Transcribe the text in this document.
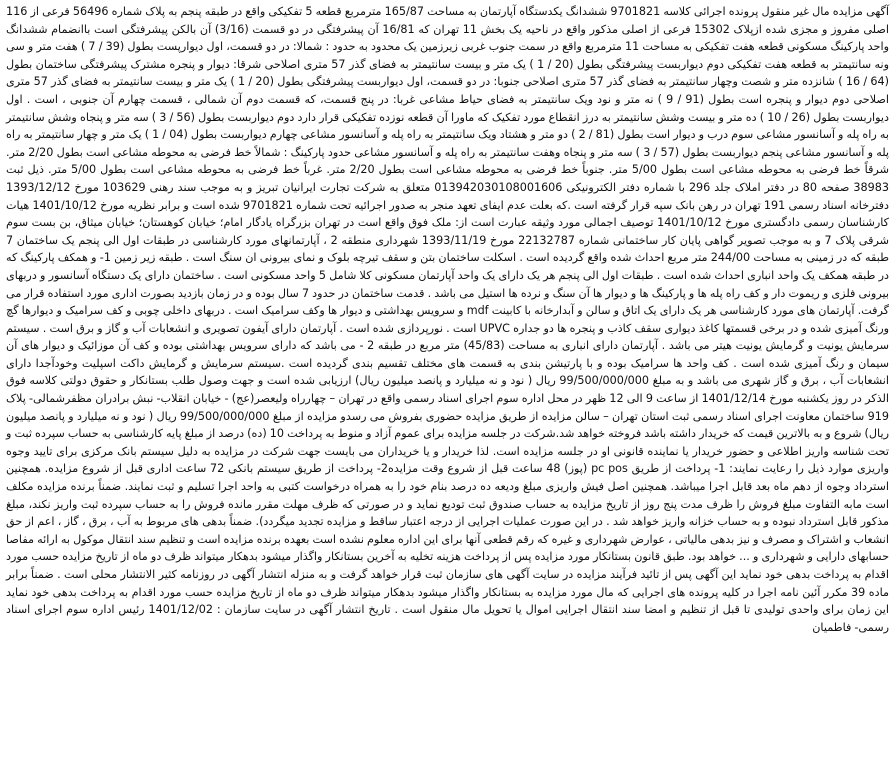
آگهی مزایده مال غیر منقول پرونده اجرائی کلاسه 9701821 ششدانگ یکدستگاه آپارتمان به مساحت 165/87 مترمربع قطعه 5 تفکیکی واقع در طبقه پنجم به پلاک شماره 56496 فرعی از 116 اصلی مفروز و مجزی شده ازپلاک 15302 فرعی از اصلی مذکور واقع در ناحیه یک بخش 11 تهران که 16/81 آن پیشرفتگی در دو قسمت (3/16) آن بالکن پیشرفتگی است باانضمام ششدانگ واحد پارکینگ مسکونی قطعه هفت تفکیکی به مساحت 11 مترمربع واقع در سمت جنوب غربی زیرزمین یک محدود به حدود : شمالا: در دو قسمت، اول دیوارپست بطول (39 / 7 ) هفت متر و سی ونه سانتیمتر به قطعه هفت تفکیکی دوم دیواربست پیشرفتگی بطول (20 / 1 ) یک متر و بیست سانتیمتر به فضای گذر 57 متری اصلاحی شرقا: دیوار و پنجره مشترک پیشرفتگی ساختمان بطول (64 / 16 ) شانزده متر و شصت وچهار سانتیمتر به فضای گذر 57 متری اصلاحی جنوبا: در دو قسمت، اول دیواربست پیشرفتگی بطول (20 / 1 ) یک متر و بیست سانتیمتر به فضای گذر 57 متری اصلاحی دوم دیوار و پنجره است بطول (91 / 9 ) نه متر و نود ویک سانتیمتر به فضای حیاط مشاعی غربا: در پنج قسمت، که قسمت دوم آن شمالی ، قسمت چهارم آن جنوبی ، است . اول دیواربست بطول (26 / 10 ) ده متر و بیست وشش سانتیمتر به درز انقطاع مورد تفکیک که ماورا آن قطعه نوزده تفکیکی قرار دارد دوم دیواربست بطول (56 / 3 ) سه متر و پنجاه وشش سانتیمتر به راه پله و آسانسور مشاعی سوم درب و دیوار است بطول (81 / 2 ) دو متر و هشتاد ویک سانتیمتر به راه پله و آسانسور مشاعی چهارم دیواربست بطول (04 / 1 ) یک متر و چهار سانتیمتر به راه پله و آسانسور مشاعی پنجم دیواربست بطول (57 / 3 ) سه متر و پنجاه وهفت سانتیمتر به راه پله و آسانسور مشاعی حدود پارکینگ : شمالاً خط فرضی به محوطه مشاعی است بطول 2/20 متر. شرقاً خط فرضی به محوطه مشاعی است بطول 5/00 متر. جنوباً خط فرضی به محوطه مشاعی است بطول 2/20 متر. غرباً خط فرضی به محوطه مشاعی است بطول 5/00 متر. ذیل ثبت 38983 صفحه 80 در دفتر املاک جلد 296 با شماره دفتر الکترونیکی 013942030108001606 متعلق به شرکت تجارت ایرانیان تبریز و به موجب سند رهنی 103629 مورخ 1393/12/12 دفترخانه اسناد رسمی 191 تهران در رهن بانک سپه قرار گرفته است .که بعلت عدم ایفای تعهد منجر به صدور اجرائیه تحت شماره 9701821 شده است و برابر نظریه مورخ 1401/10/12 هیات کارشناسان رسمی دادگستری مورخ 1401/10/12 توصیف اجمالی مورد وثیقه عبارت است از: ملک فوق واقع است در تهران بزرگراه یادگار امام؛ خیابان کوهستان؛ خیابان میثاق، بن بست سوم شرقی پلاک 7 و به موجب تصویر گواهی پایان کار ساختمانی شماره 22132787 مورخ 1393/11/19 شهرداری منطقه 2 ، آپارتمانهای مورد کارشناسی در طبقات اول الی پنجم یک ساختمان 7 طبقه که در زمینی به مساحت 244/00 متر مربع احداث شده واقع گردیده است . اسکلت ساختمان بتن و سقف تیرچه بلوک و نمای بیرونی ان سنگ است . طبقه زیر زمین 1- و همکف پارکینگ که در طبقه همکف یک واحد انباری احداث شده است . طبقات اول الی پنجم هر یک دارای یک واحد آپارتمان مسکونی کلا شامل 5 واحد مسکونی است . ساختمان دارای یک دستگاه آسانسور و دربهای بیرونی فلزی و ریموت دار و کف راه پله ها و پارکینگ ها و دیوار ها آن سنگ و نرده ها استیل می باشد . قدمت ساختمان در حدود 7 سال بوده و در زمان بازدید بصورت اداری مورد استفاده قرار می گرفت. آپارتمان های مورد کارشناسی هر یک دارای یک اتاق و سالن و آبدارخانه با کابینت mdf و سرویس بهداشتی و دیوار ها وکف سرامیک است . دربهای داخلی چوبی و کف سرامیک و دیوارها گچ ورنگ آمیزی شده و در برخی قسمتها کاغذ دیواری سقف کاذب و پنجره ها دو جداره UPVC است . نورپردازی شده است . آپارتمان دارای آیفون تصویری و انشعابات آب و گاز و برق است . سیستم سرمایش یونیت و گرمایش یونیت هیتر می باشد . آپارتمان دارای انباری به مساحت (45/83) متر مربع در طبقه 2 - می باشد که دارای سرویس بهداشتی بوده و کف آن موزائیک و دیوار های آن سیمان و رنگ آمیزی شده است . کف واحد ها سرامیک بوده و با پارتیشن بندی به قسمت های مختلف تقسیم بندی گردیده است .سیستم سرمایش و گرمایش داکت اسپلیت وخودآجدا دارای انشعابات آب ، برق و گاز شهری می باشد و به مبلغ 99/500/000/000 ریال ( نود و نه میلیارد و پانصد میلیون ریال) ارزیابی شده است و جهت وصول طلب بستانکار و حقوق دولتی کلاسه فوق الذکر در روز یکشنبه مورخ 1401/12/14 از ساعت 9 الی 12 ظهر در محل اداره سوم اجرای اسناد رسمی واقع در تهران – چهارراه ولیعصر(عج) - خیابان انقلاب- نبش برادران مظفرشمالی- پلاک 919 ساختمان معاونت اجرای اسناد رسمی ثبت استان تهران – سالن مزایده از طریق مزایده حضوری بفروش می رسدو مزایده از مبلغ 99/500/000/000 ریال ( نود و نه میلیارد و پانصد میلیون ریال) شروع و به بالاترین قیمت که خریدار داشته باشد فروخته خواهد شد.شرکت در جلسه مزایده برای عموم آزاد و منوط به پرداخت 10 (ده) درصد از مبلغ پایه کارشناسی به حساب سپرده ثبت و تحت شناسه واریز اطلاعی و حضور خریدار یا نماینده قانونی او در جلسه مزایده است. لذا خریدار و یا خریداران می بایست جهت شرکت در مزایده به دلیل سیستم بانک مرکزی برای تایید وجوه واریزی موارد ذیل را رعایت نمایند: 1- پرداخت از طریق pc pos (پوز) 48 ساعت قبل از شروع وقت مزایده2- پرداخت از طریق سیستم بانکی 72 ساعت اداری قبل از شروع مزایده. همچنین استرداد وجوه از دهم ماه بعد قابل اجرا میباشد. همچنین اصل فیش واریزی مبلغ ودیعه ده درصد بنام خود را به همراه درخواست کتبی به واحد اجرا تسلیم و ثبت نمایند. ضمناً برنده مزایده مکلف است مابه التفاوت مبلغ فروش را ظرف مدت پنج روز از تاریخ مزایده به حساب صندوق ثبت تودیع نماید و در صورتی که ظرف مهلت مقرر مانده فروش را به حساب سپرده ثبت واریز نکند، مبلغ مذکور قابل استرداد نبوده و به حساب خزانه واریز خواهد شد . در این صورت عملیات اجرایی از درجه اعتبار ساقط و مزایده تجدید میگردد). ضمناً بدهی های مربوط به آب ، برق ، گاز ، اعم از حق انشعاب و اشتراک و مصرف و نیز بدهی مالیاتی ، عوارض شهرداری و غیره که رقم قطعی آنها برای این اداره معلوم نشده است بعهده برنده مزایده است و تنظیم سند انتقال موکول به ارائه مفاصا حسابهای دارایی و شهرداری و ... خواهد بود. طبق قانون بستانکار مورد مزایده پس از پرداخت هزینه تخلیه به آخرین بستانکار واگذار میشود بدهکار میتواند ظرف دو ماه از تاریخ مزایده حسب مورد اقدام به پرداخت بدهی خود نماید این آگهی پس از تائید فرآیند مزایده در سایت آگهی های سازمان ثبت قرار خواهد گرفت و به منزله انتشار آگهی در روزنامه کثیر الانتشار محلی است . ضمناً برابر ماده 39 مکرر آئین نامه اجرا در کلیه پرونده های اجرایی که مال مورد مزایده به بستانکار واگذار میشود بدهکار میتواند ظرف دو ماه از تاریخ مزایده حسب مورد اقدام به پرداخت بدهی خود نماید این زمان برای واحدی تولیدی تا قبل از تنظیم و امضا سند انتقال اجرایی اموال یا تحویل مال منقول است . تاریخ انتشار آگهی در سایت سازمان : 1401/12/02 رئیس اداره سوم اجرای اسناد رسمی- فاطمیان
